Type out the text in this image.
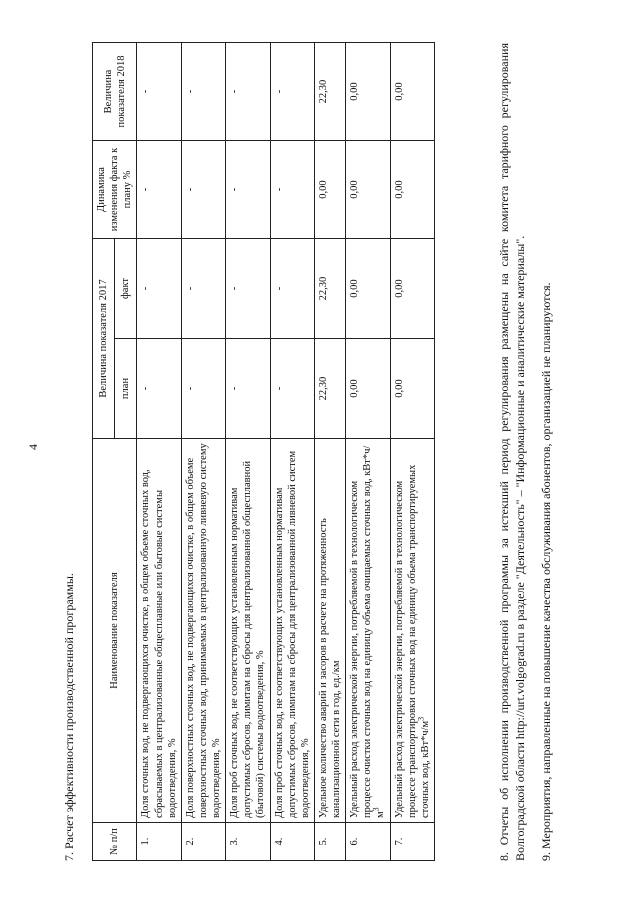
4
7. Расчет эффективности производственной программы.	№ п/п	Наименование показателя	Величина показателя 2017		Динамика изменения факта к плану %	Величина показателя 2018
		план	факт		
1.	Доля сточных вод, не подвергающихся очистке, в общем объеме сточных вод, сбрасываемых в централизованные общесплавные или бытовые системы водоотведения, %	-	-	-	-
2.	Доля поверхностных сточных вод, не подвергающихся очистке, в общем объеме поверхностных сточных вод, принимаемых в централизованную ливневую систему водоотведения, %	-	-	-	-
3.	Доля проб сточных вод, не соответствующих установленным нормативам допустимых сбросов, лимитам на сбросы для централизованной общесплавной (бытовой) системы водоотведения, %	-	-	-	-
4.	Доля проб сточных вод, не соответствующих установленным нормативам допустимых сбросов, лимитам на сбросы для централизованной ливневой систем водоотведения, %	-	-	-	-
5.	Удельное количество аварий и засоров в расчете на протяженность канализационной сети в год, ед./км	22,30	22,30	0,00	22,30
6.	Удельный расход электрической энергии, потребляемой в технологическом процессе очистки сточных вод на единицу объема очищаемых сточных вод, $кВт*ч/м^3$	0,00	0,00	0,00	0,00
7.	Удельный расход электрической энергии, потребляемой в технологическом процессе транспортировки сточных вод на единицу объема транспортируемых сточных вод, $кВт*ч/м^3$	0,00	0,00	0,00	0,00	8. Отчеты об исполнении производственной программы за истекший период регулирования размещены на сайте комитета тарифного регулирования Волгоградской области http://urt.volgograd.ru в разделе "Деятельность" – "Информационные и аналитические материалы". 9. Мероприятия, направленные на повышение качества обслуживания абонентов, организацией не планируются.
